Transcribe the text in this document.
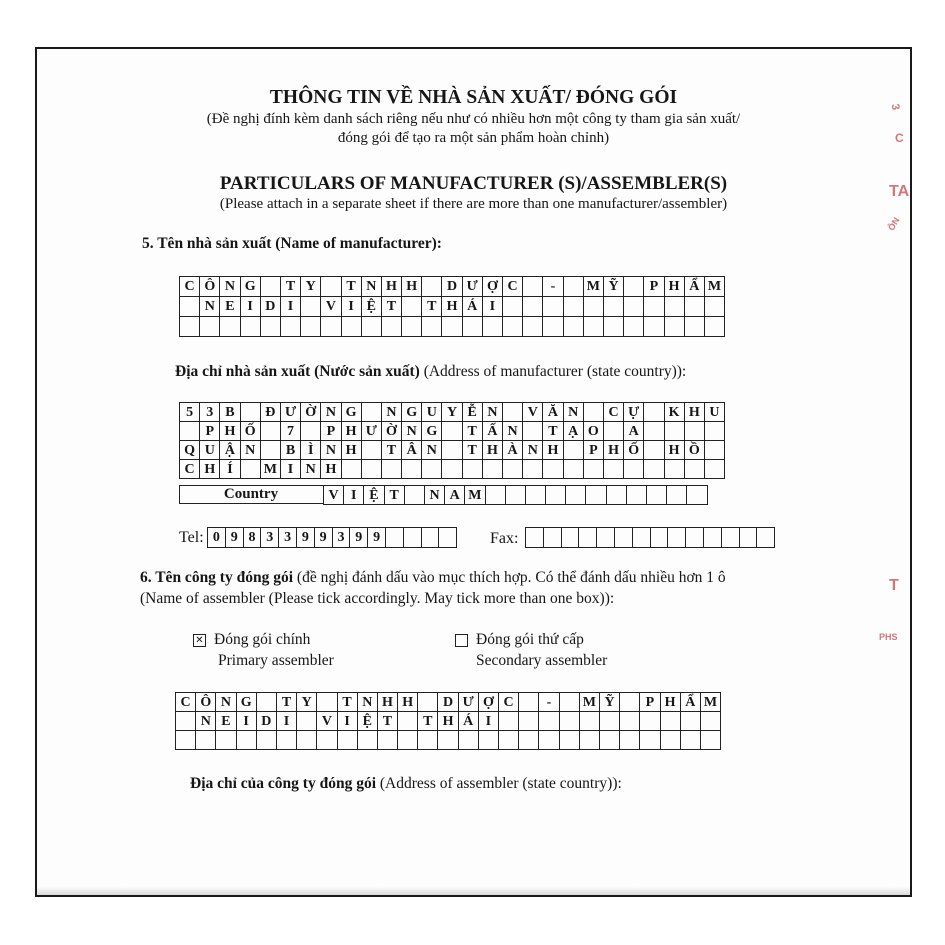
THÔNG TIN VỀ NHÀ SẢN XUẤT/ ĐÓNG GÓI
(Đề nghị đính kèm danh sách riêng nếu như có nhiều hơn một công ty tham gia sản xuất/
đóng gói để tạo ra một sản phẩm hoàn chỉnh)
PARTICULARS OF MANUFACTURER (S)/ASSEMBLER(S)
(Please attach in a separate sheet if there are more than one manufacturer/assembler)
5. Tên nhà sản xuất (Name of manufacturer):
C	Ô	N	G		T	Y		T	N	H	H		D	Ư	Ợ	C		-		M	Ỹ		P	H	Ẩ	M
	N	E	I	D	I		V	I	Ệ	T		T	H	Á	I											

Địa chỉ nhà sản xuất (Nước sản xuất) (Address of manufacturer (state country)):
5	3	B		Đ	Ư	Ờ	N	G		N	G	U	Y	Ễ	N		V	Ă	N		C	Ự		K	H	U
	P	H	Ố		7		P	H	Ư	Ờ	N	G		T	Ấ	N		T	Ạ	O		A				
Q	U	Ậ	N		B	Ì	N	H		T	Â	N		T	H	À	N	H		P	H	Ố		H	Ồ	
C	H	Í		M	I	N	H																			
Country	V	I	Ệ	T		N	A	M											
Tel: 0	9	8	3	3	9	9	3	9	9					Fax:

6. Tên công ty đóng gói (đề nghị đánh dấu vào mục thích hợp. Có thể đánh dấu nhiều hơn 1 ô
(Name of assembler (Please tick accordingly. May tick more than one box)):
✕ Đóng gói chính
Primary assembler
Đóng gói thứ cấp
Secondary assembler
C	Ô	N	G		T	Y		T	N	H	H		D	Ư	Ợ	C		-		M	Ỹ		P	H	Ẩ	M
	N	E	I	D	I		V	I	Ệ	T		T	H	Á	I											

Địa chỉ của công ty đóng gói (Address of assembler (state country)):
3
C
TA
ÔN
T
PHS
